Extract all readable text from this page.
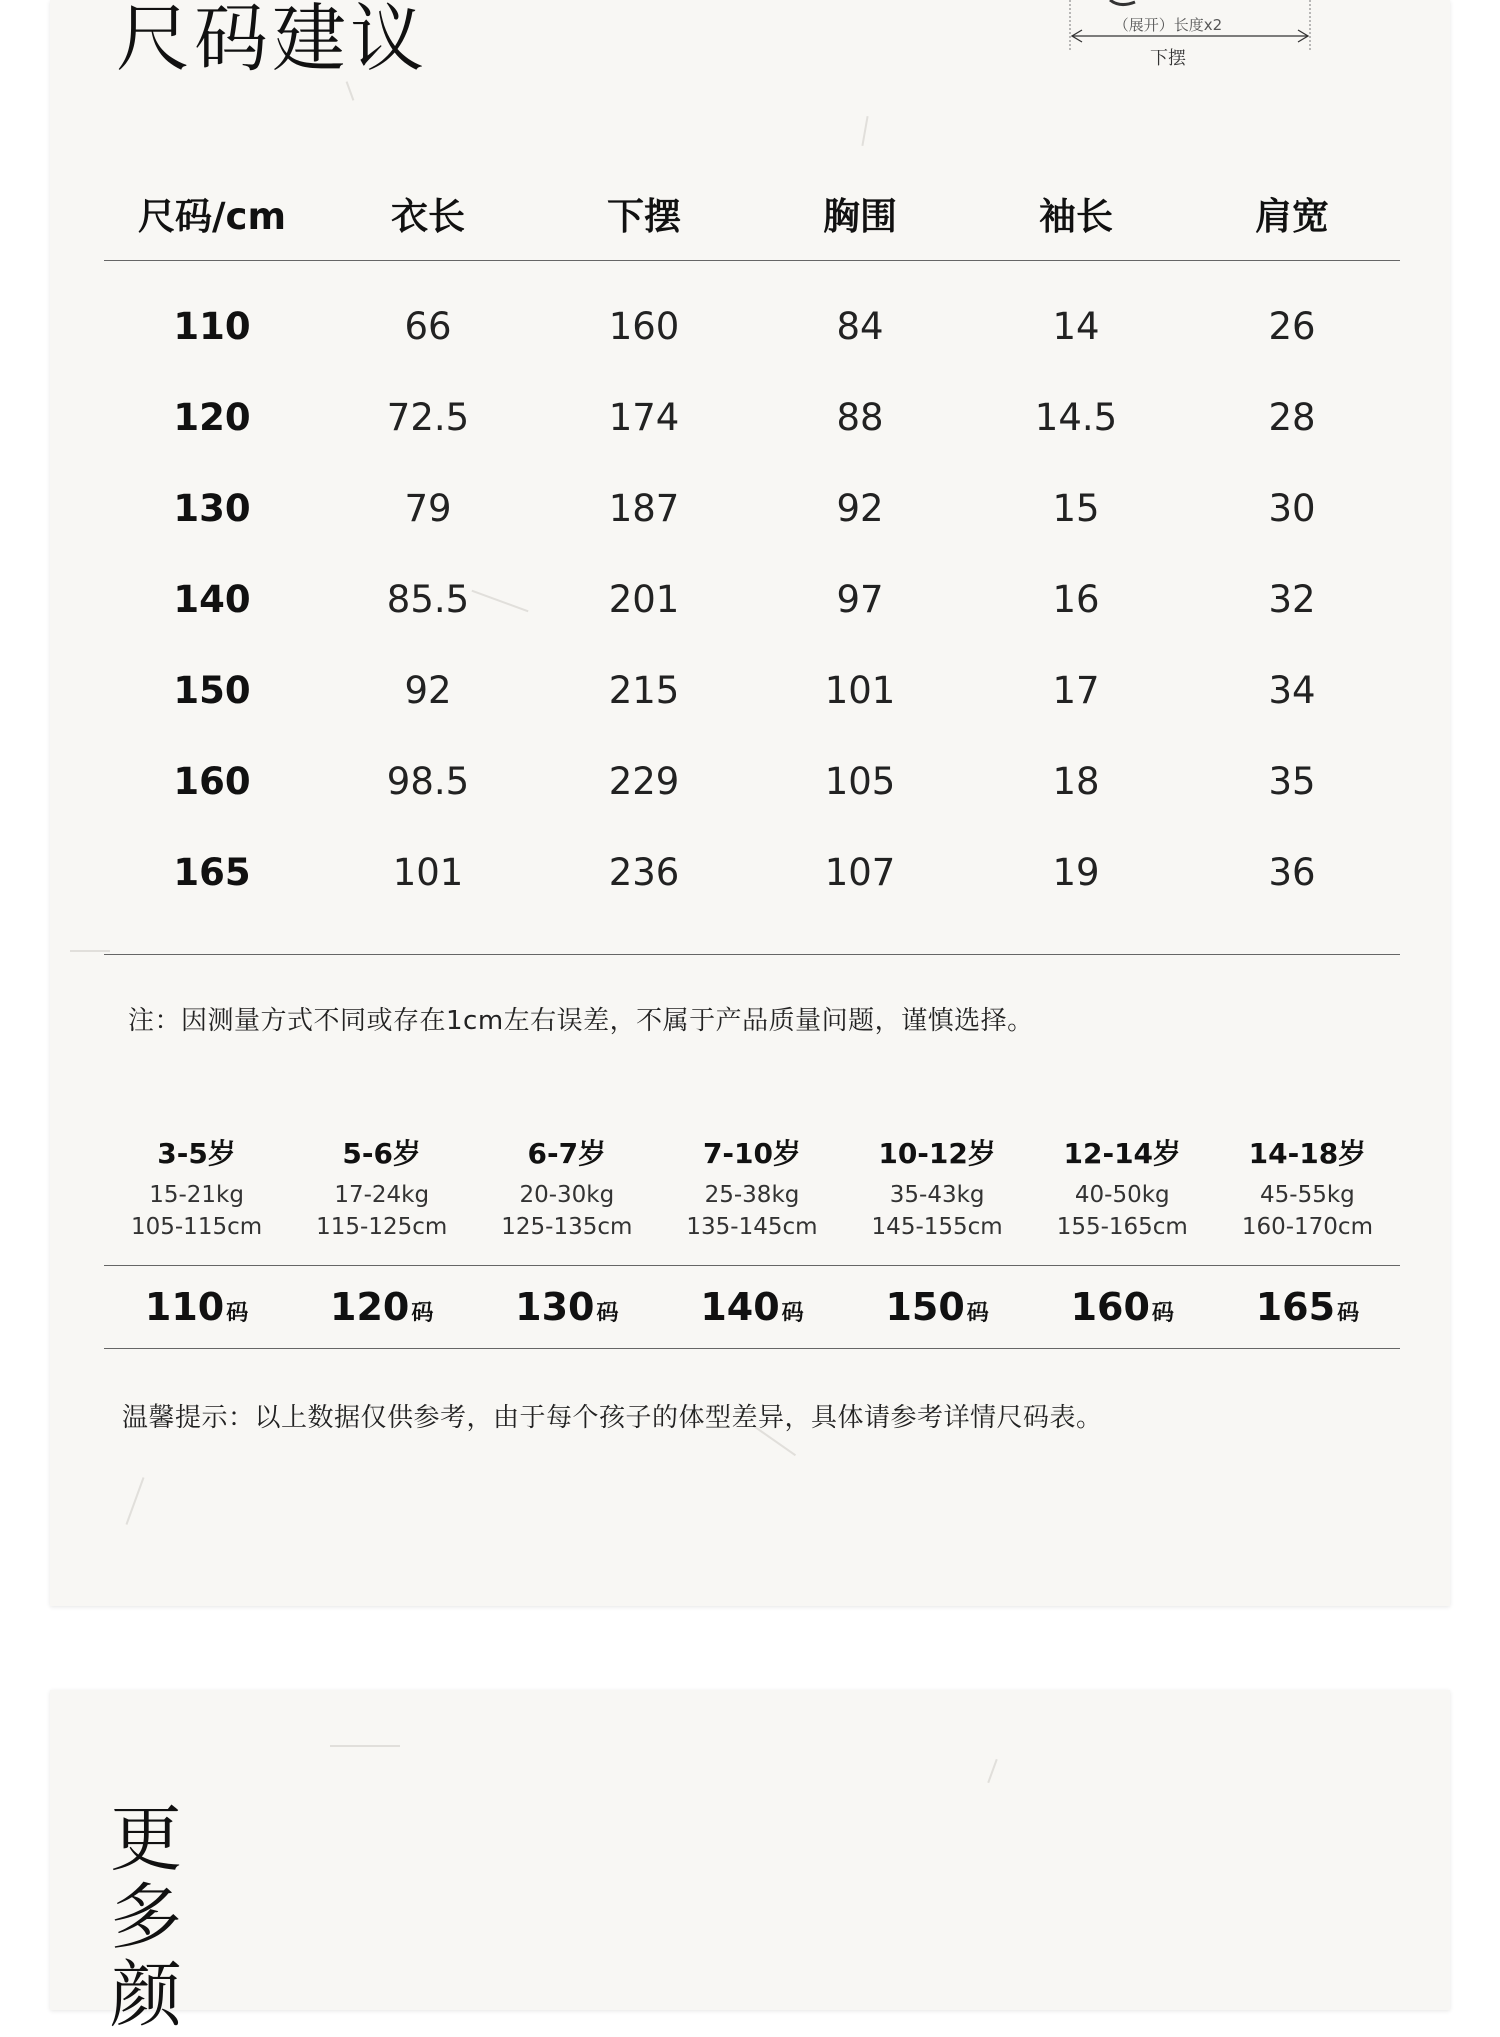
尺码建议	（展开）长度x2
下摆
尺码/cm	衣长	下摆	胸围	袖长	肩宽
110	66	160	84	14	26
120	72.5	174	88	14.5	28
130	79	187	92	15	30
140	85.5	201	97	16	32
150	92	215	101	17	34
160	98.5	229	105	18	35
165	101	236	107	19	36
注：因测量方式不同或存在1cm左右误差，不属于产品质量问题，谨慎选择。
3-5岁
15-21kg
105-115cm
5-6岁
17-24kg
115-125cm
6-7岁
20-30kg
125-135cm
7-10岁
25-38kg
135-145cm
10-12岁
35-43kg
145-155cm
12-14岁
40-50kg
155-165cm
14-18岁
45-55kg
160-170cm
110码	120码	130码	140码	150码	160码	165码
温馨提示：以上数据仅供参考，由于每个孩子的体型差异，具体请参考详情尺码表。
更多颜
